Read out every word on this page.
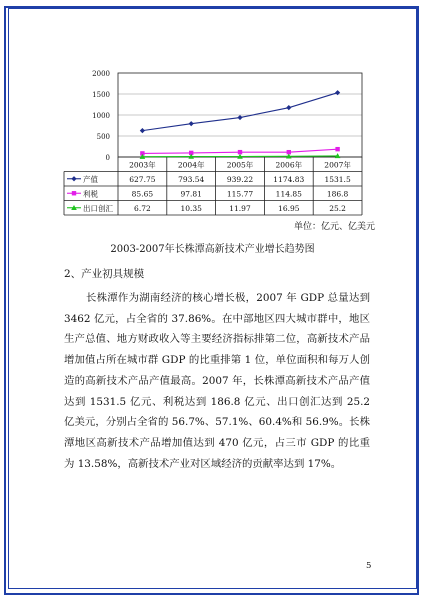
2000
1500
1000
500
0
2003年	2004年	2005年	2006年	2007年
产值	627.75	793.54	939.22	1174.83	1531.5
利税	85.65	97.81	115.77	114.85	186.8
出口创汇	6.72	10.35	11.97	16.95	25.2
单位：亿元、亿美元
2003-2007年长株潭高新技术产业增长趋势图
2、产业初具规模
长株潭作为湖南经济的核心增长极，2007 年 GDP 总量达到 3462 亿元，占全省的 37.86%。在中部地区四大城市群中，地区生产总值、地方财政收入等主要经济指标排第二位，高新技术产品增加值占所在城市群 GDP 的比重排第 1 位，单位面积和每万人创造的高新技术产品产值最高。2007 年，长株潭高新技术产品产值达到 1531.5 亿元、利税达到 186.8 亿元、出口创汇达到 25.2 亿美元，分别占全省的 56.7%、57.1%、60.4%和 56.9%。长株潭地区高新技术产品增加值达到 470 亿元，占三市 GDP 的比重为 13.58%，高新技术产业对区域经济的贡献率达到 17%。
5
